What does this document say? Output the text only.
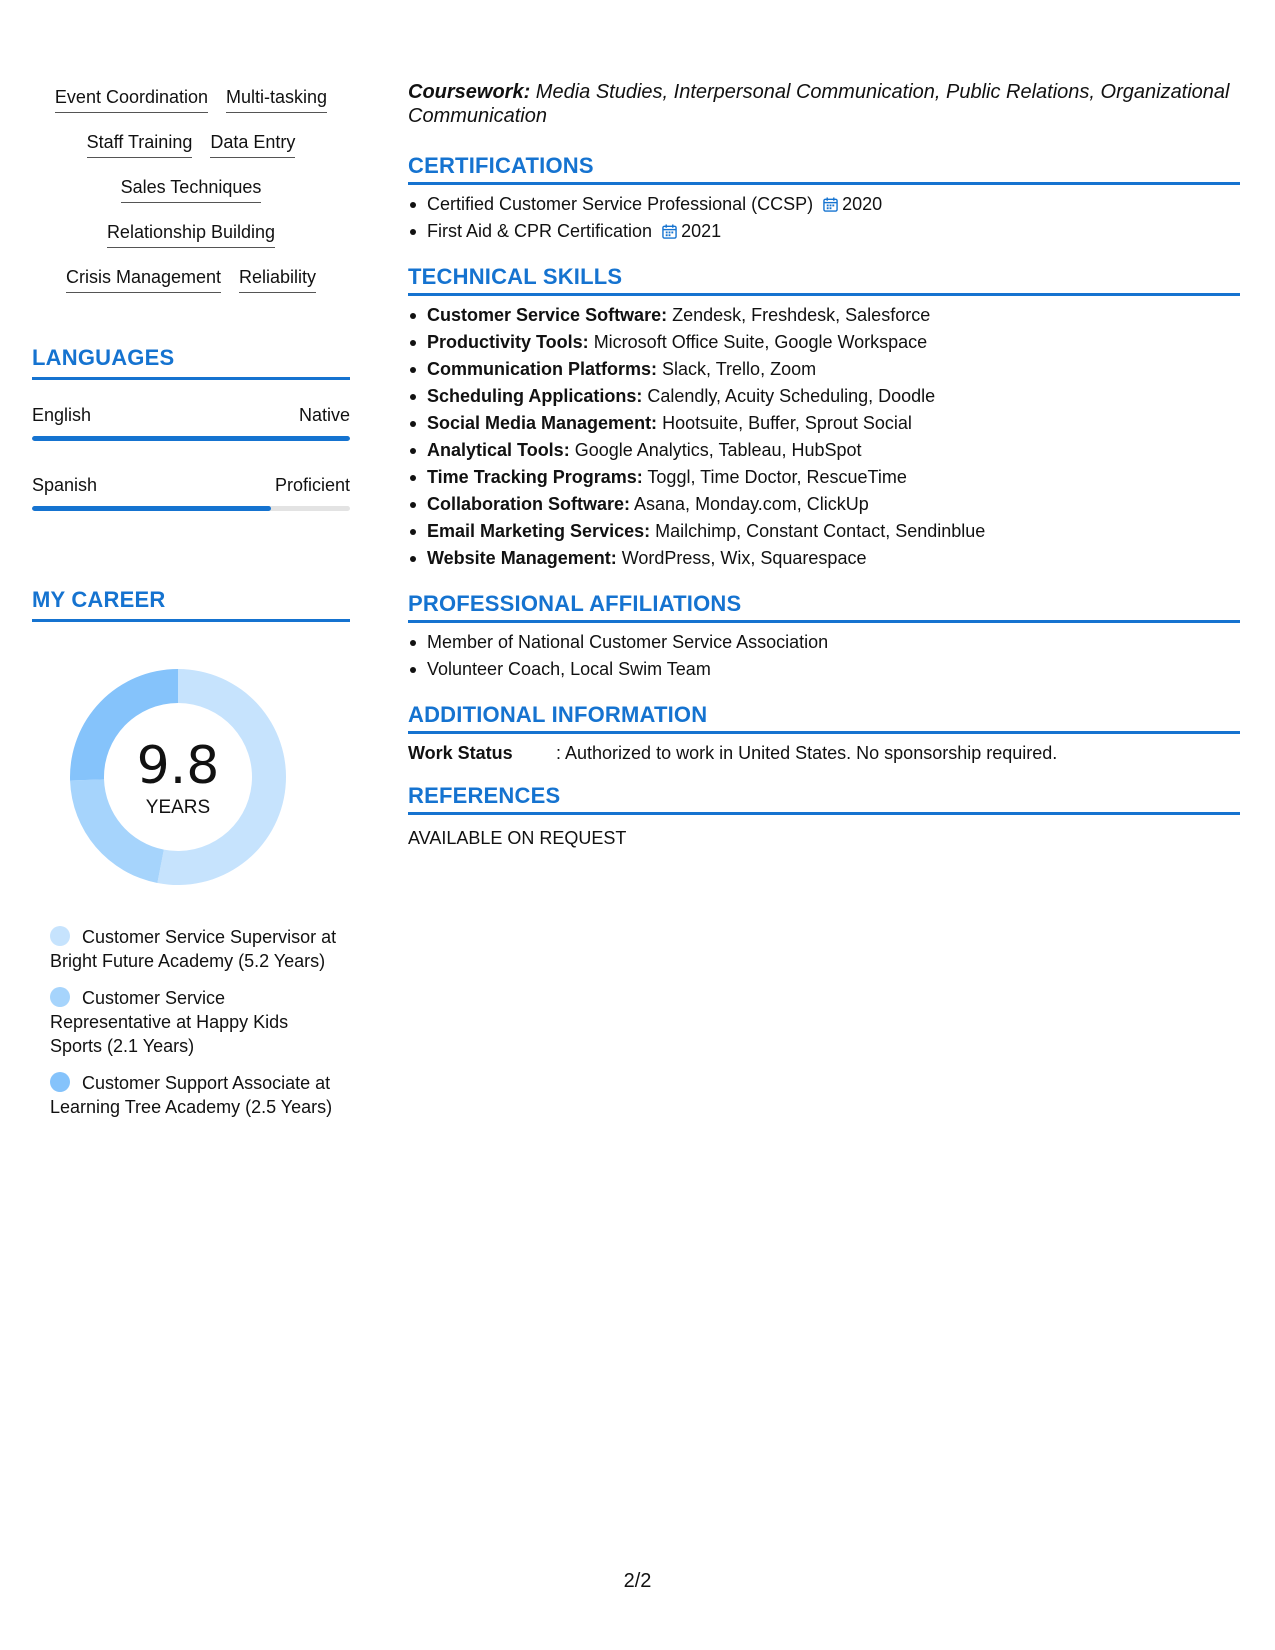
Event Coordination Multi-tasking
Staff Training Data Entry
Sales Techniques
Relationship Building
Crisis Management Reliability
LANGUAGES
English	Native
Spanish	Proficient
MY CAREER
9.8
YEARS
Customer Service Supervisor at Bright Future Academy (5.2 Years)
Customer Service Representative at Happy Kids Sports (2.1 Years)
Customer Support Associate at Learning Tree Academy (2.5 Years)
Coursework: Media Studies, Interpersonal Communication, Public Relations, Organizational Communication
CERTIFICATIONS
Certified Customer Service Professional (CCSP) 2020
First Aid & CPR Certification 2021
TECHNICAL SKILLS
Customer Service Software: Zendesk, Freshdesk, Salesforce
Productivity Tools: Microsoft Office Suite, Google Workspace
Communication Platforms: Slack, Trello, Zoom
Scheduling Applications: Calendly, Acuity Scheduling, Doodle
Social Media Management: Hootsuite, Buffer, Sprout Social
Analytical Tools: Google Analytics, Tableau, HubSpot
Time Tracking Programs: Toggl, Time Doctor, RescueTime
Collaboration Software: Asana, Monday.com, ClickUp
Email Marketing Services: Mailchimp, Constant Contact, Sendinblue
Website Management: WordPress, Wix, Squarespace
PROFESSIONAL AFFILIATIONS
Member of National Customer Service Association
Volunteer Coach, Local Swim Team
ADDITIONAL INFORMATION
Work Status : Authorized to work in United States. No sponsorship required.
REFERENCES
AVAILABLE ON REQUEST
2/2
